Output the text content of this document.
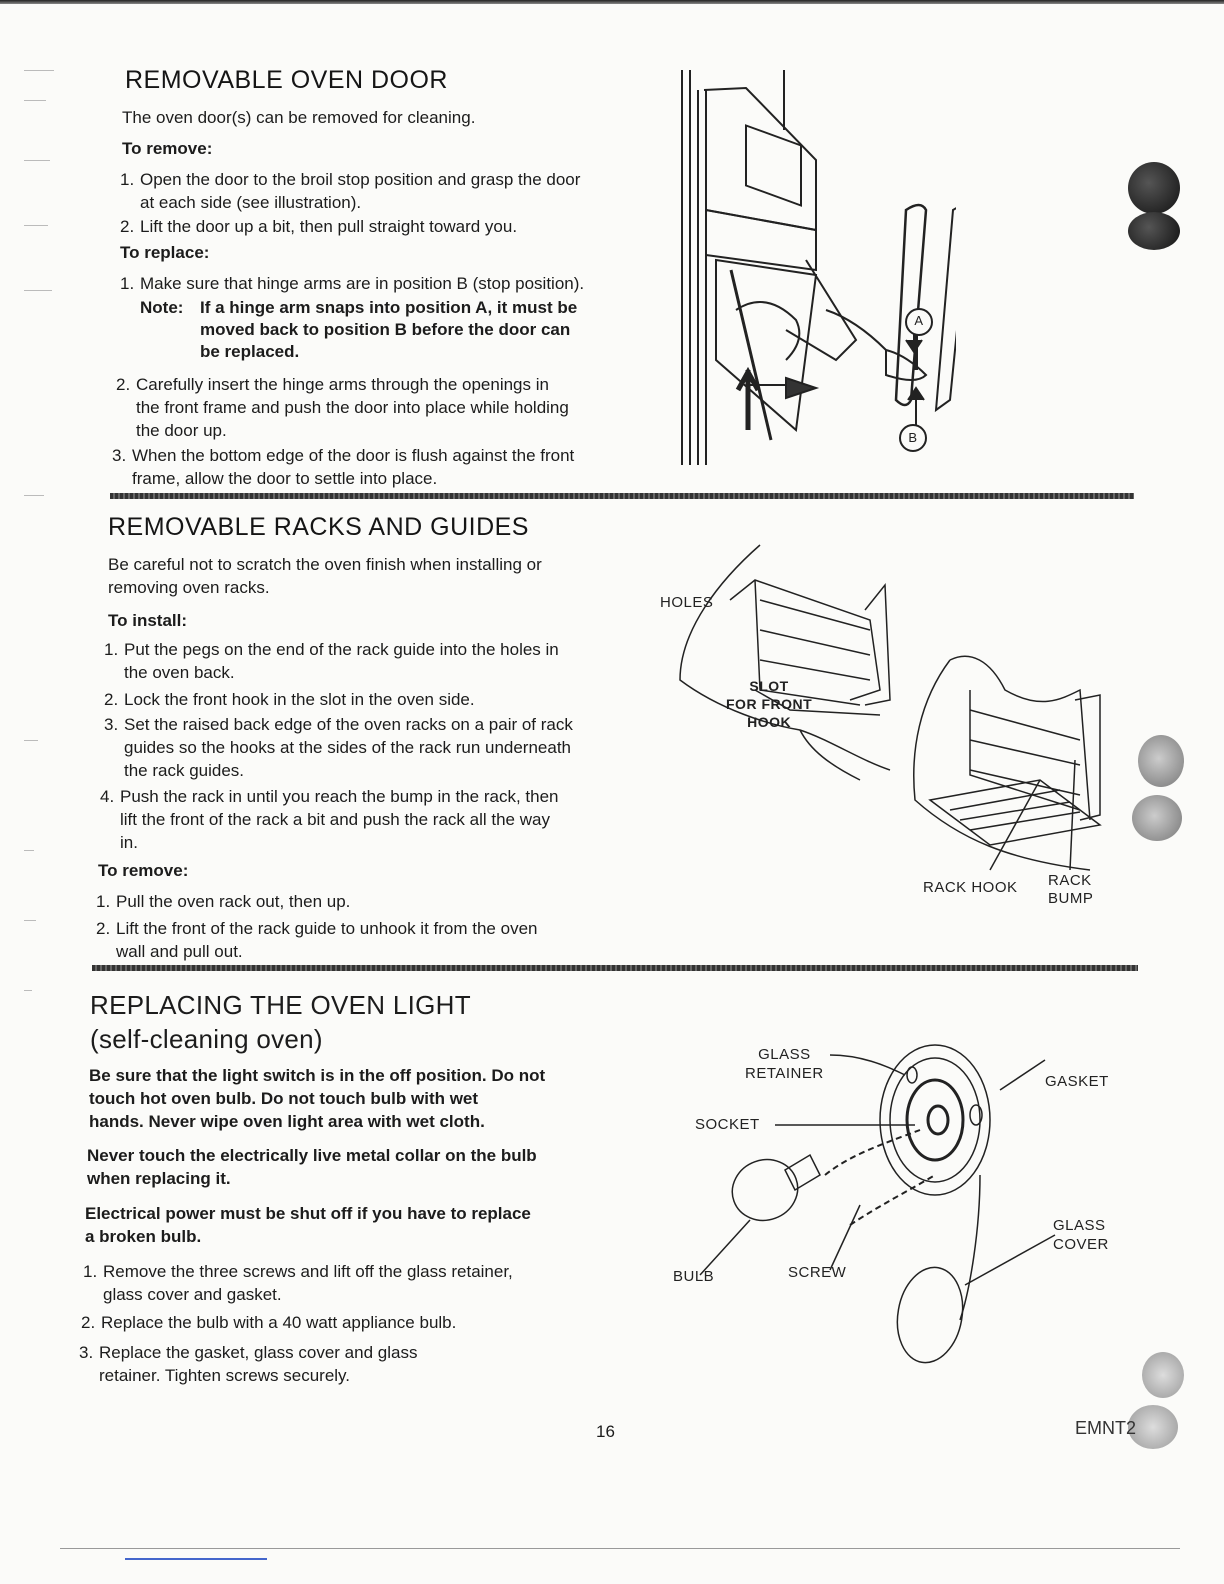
REMOVABLE OVEN DOOR
The oven door(s) can be removed for cleaning.
To remove:
1. Open the door to the broil stop position and grasp the door
at each side (see illustration).
2. Lift the door up a bit, then pull straight toward you.
To replace:
1. Make sure that hinge arms are in position B (stop position).
Note: If a hinge arm snaps into position A, it must be
moved back to position B before the door can
be replaced.
2. Carefully insert the hinge arms through the openings in
the front frame and push the door into place while holding
the door up.
3. When the bottom edge of the door is flush against the front
frame, allow the door to settle into place.
A
B
REMOVABLE RACKS AND GUIDES
Be careful not to scratch the oven finish when installing or
removing oven racks.
To install:
1. Put the pegs on the end of the rack guide into the holes in
the oven back.
2. Lock the front hook in the slot in the oven side.
3. Set the raised back edge of the oven racks on a pair of rack
guides so the hooks at the sides of the rack run underneath
the rack guides.
4. Push the rack in until you reach the bump in the rack, then
lift the front of the rack a bit and push the rack all the way
in.
To remove:
1. Pull the oven rack out, then up.
2. Lift the front of the rack guide to unhook it from the oven
wall and pull out.
HOLES
SLOT
FOR FRONT
HOOK
RACK HOOK RACK
BUMP
REPLACING THE OVEN LIGHT
(self-cleaning oven)
Be sure that the light switch is in the off position. Do not
touch hot oven bulb. Do not touch bulb with wet
hands. Never wipe oven light area with wet cloth.
Never touch the electrically live metal collar on the bulb
when replacing it.
Electrical power must be shut off if you have to replace
a broken bulb.
1. Remove the three screws and lift off the glass retainer,
glass cover and gasket.
2. Replace the bulb with a 40 watt appliance bulb.
3. Replace the gasket, glass cover and glass
retainer. Tighten screws securely.
GLASS
RETAINER	GASKET
SOCKET
GLASS
COVER
BULB	SCREW
16	EMNT2
